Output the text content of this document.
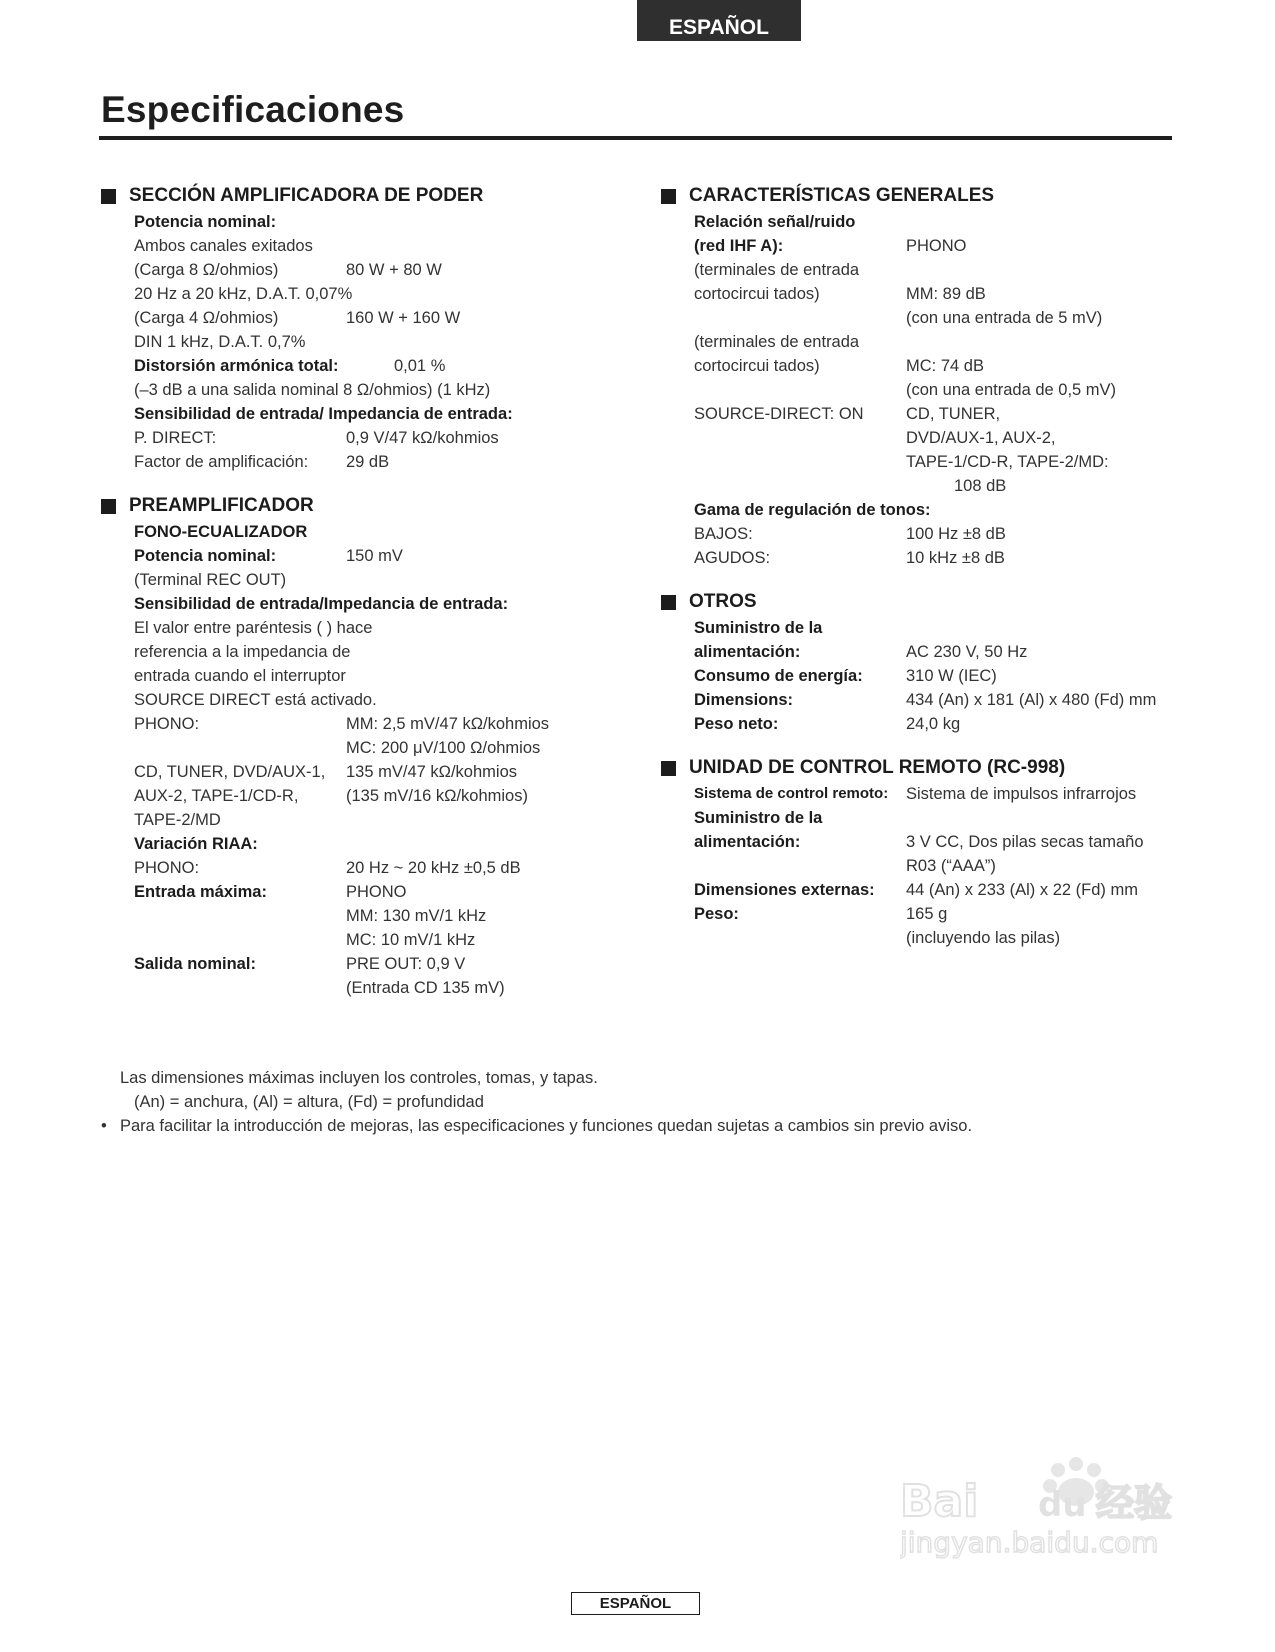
ESPAÑOL
Especificaciones
SECCIÓN AMPLIFICADORA DE PODER
Potencia nominal:
Ambos canales exitados
(Carga 8 Ω/ohmios)	80 W + 80 W
20 Hz a 20 kHz, D.A.T. 0,07%
(Carga 4 Ω/ohmios)	160 W + 160 W
DIN 1 kHz, D.A.T. 0,7%
Distorsión armónica total:	0,01 %
(–3 dB a una salida nominal 8 Ω/ohmios) (1 kHz)
Sensibilidad de entrada/ Impedancia de entrada:
P. DIRECT:	0,9 V/47 kΩ/kohmios
Factor de amplificación:	29 dB
PREAMPLIFICADOR
FONO-ECUALIZADOR
Potencia nominal:	150 mV
(Terminal REC OUT)
Sensibilidad de entrada/Impedancia de entrada:
El valor entre paréntesis ( ) hace
referencia a la impedancia de
entrada cuando el interruptor
SOURCE DIRECT está activado.
PHONO:	MM: 2,5 mV/47 kΩ/kohmios
MC: 200 μV/100 Ω/ohmios
CD, TUNER, DVD/AUX-1,	135 mV/47 kΩ/kohmios
AUX-2, TAPE-1/CD-R,	(135 mV/16 kΩ/kohmios)
TAPE-2/MD
Variación RIAA:
PHONO:	20 Hz ~ 20 kHz ±0,5 dB
Entrada máxima:	PHONO
MM: 130 mV/1 kHz
MC: 10 mV/1 kHz
Salida nominal:	PRE OUT: 0,9 V
(Entrada CD 135 mV)
CARACTERÍSTICAS GENERALES
Relación señal/ruido
(red IHF A):	PHONO
(terminales de entrada
cortocircui tados)	MM: 89 dB
(con una entrada de 5 mV)
(terminales de entrada
cortocircui tados)	MC: 74 dB
(con una entrada de 0,5 mV)
SOURCE-DIRECT: ON	CD, TUNER,
DVD/AUX-1, AUX-2,
TAPE-1/CD-R, TAPE-2/MD:
108 dB
Gama de regulación de tonos:
BAJOS:	100 Hz ±8 dB
AGUDOS:	10 kHz ±8 dB
OTROS
Suministro de la
alimentación:	AC 230 V, 50 Hz
Consumo de energía:	310 W (IEC)
Dimensions:	434 (An) x 181 (Al) x 480 (Fd) mm
Peso neto:	24,0 kg
UNIDAD DE CONTROL REMOTO (RC-998)
Sistema de control remoto:	Sistema de impulsos infrarrojos
Suministro de la
alimentación:	3 V CC, Dos pilas secas tamaño
R03 (“AAA”)
Dimensiones externas:	44 (An) x 233 (Al) x 22 (Fd) mm
Peso:	165 g
(incluyendo las pilas)
Las dimensiones máximas incluyen los controles, tomas, y tapas.
(An) = anchura, (Al) = altura, (Fd) = profundidad
• Para facilitar la introducción de mejoras, las especificaciones y funciones quedan sujetas a cambios sin previo aviso.
Bai du 经验
jingyan.baidu.com
ESPAÑOL
